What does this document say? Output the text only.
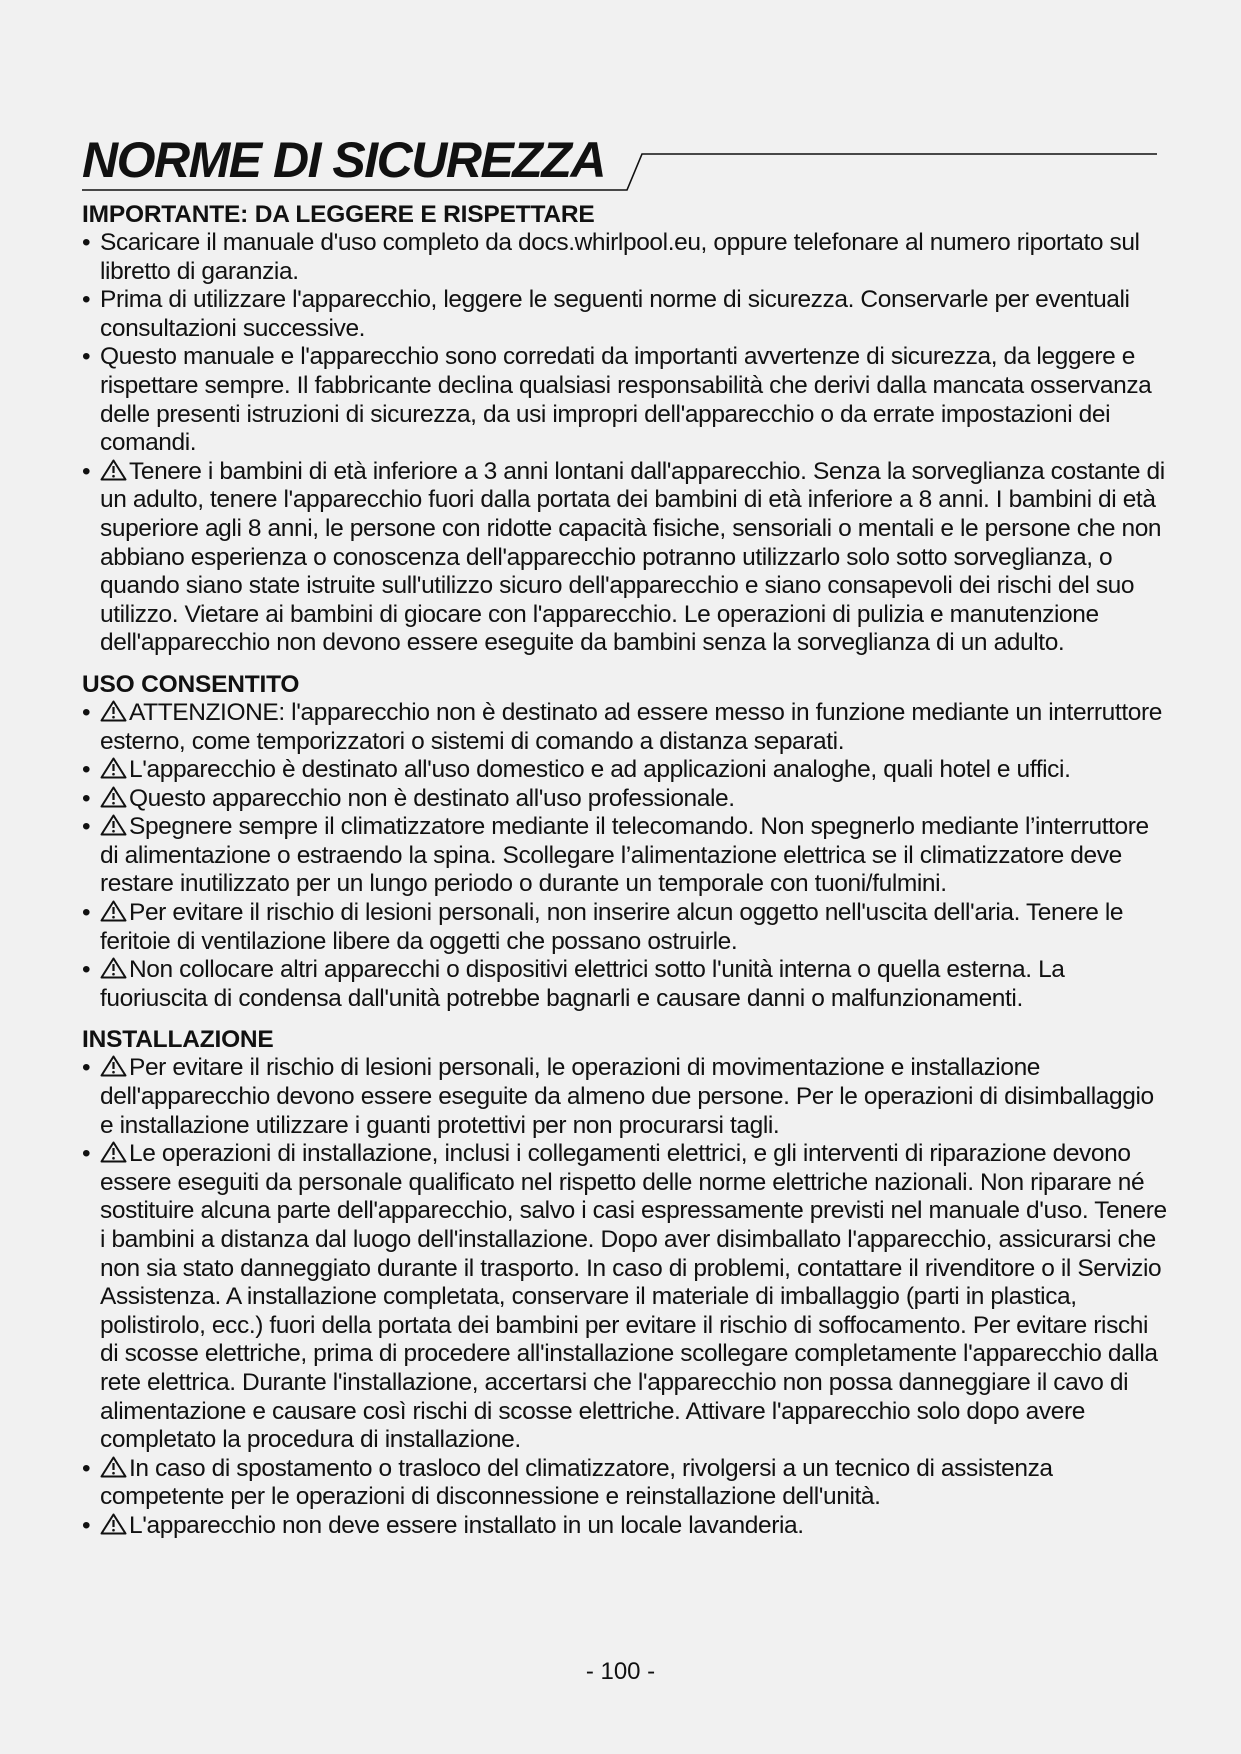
NORME DI SICUREZZA
IMPORTANTE: DA LEGGERE E RISPETTARE
• Scaricare il manuale d'uso completo da docs.whirlpool.eu, oppure telefonare al numero riportato sul libretto di garanzia.
• Prima di utilizzare l'apparecchio, leggere le seguenti norme di sicurezza. Conservarle per eventuali consultazioni successive.
• Questo manuale e l'apparecchio sono corredati da importanti avvertenze di sicurezza, da leggere e rispettare sempre. Il fabbricante declina qualsiasi responsabilità che derivi dalla mancata osservanza delle presenti istruzioni di sicurezza, da usi impropri dell'apparecchio o da errate impostazioni dei comandi.
• Tenere i bambini di età inferiore a 3 anni lontani dall'apparecchio. Senza la sorveglianza costante di un adulto, tenere l'apparecchio fuori dalla portata dei bambini di età inferiore a 8 anni. I bambini di età superiore agli 8 anni, le persone con ridotte capacità fisiche, sensoriali o mentali e le persone che non abbiano esperienza o conoscenza dell'apparecchio potranno utilizzarlo solo sotto sorveglianza, o quando siano state istruite sull'utilizzo sicuro dell'apparecchio e siano consapevoli dei rischi del suo utilizzo. Vietare ai bambini di giocare con l'apparecchio. Le operazioni di pulizia e manutenzione dell'apparecchio non devono essere eseguite da bambini senza la sorveglianza di un adulto.
USO CONSENTITO
• ATTENZIONE: l'apparecchio non è destinato ad essere messo in funzione mediante un interruttore esterno, come temporizzatori o sistemi di comando a distanza separati.
• L'apparecchio è destinato all'uso domestico e ad applicazioni analoghe, quali hotel e uffici.
• Questo apparecchio non è destinato all'uso professionale.
• Spegnere sempre il climatizzatore mediante il telecomando. Non spegnerlo mediante l’interruttore di alimentazione o estraendo la spina. Scollegare l’alimentazione elettrica se il climatizzatore deve restare inutilizzato per un lungo periodo o durante un temporale con tuoni/fulmini.
• Per evitare il rischio di lesioni personali, non inserire alcun oggetto nell'uscita dell'aria. Tenere le feritoie di ventilazione libere da oggetti che possano ostruirle.
• Non collocare altri apparecchi o dispositivi elettrici sotto l'unità interna o quella esterna. La fuoriuscita di condensa dall'unità potrebbe bagnarli e causare danni o malfunzionamenti.
INSTALLAZIONE
• Per evitare il rischio di lesioni personali, le operazioni di movimentazione e installazione dell'apparecchio devono essere eseguite da almeno due persone. Per le operazioni di disimballaggio e installazione utilizzare i guanti protettivi per non procurarsi tagli.
• Le operazioni di installazione, inclusi i collegamenti elettrici, e gli interventi di riparazione devono essere eseguiti da personale qualificato nel rispetto delle norme elettriche nazionali. Non riparare né sostituire alcuna parte dell'apparecchio, salvo i casi espressamente previsti nel manuale d'uso. Tenere i bambini a distanza dal luogo dell'installazione. Dopo aver disimballato l'apparecchio, assicurarsi che non sia stato danneggiato durante il trasporto. In caso di problemi, contattare il rivenditore o il Servizio Assistenza. A installazione completata, conservare il materiale di imballaggio (parti in plastica, polistirolo, ecc.) fuori della portata dei bambini per evitare il rischio di soffocamento. Per evitare rischi di scosse elettriche, prima di procedere all'installazione scollegare completamente l'apparecchio dalla rete elettrica. Durante l'installazione, accertarsi che l'apparecchio non possa danneggiare il cavo di alimentazione e causare così rischi di scosse elettriche. Attivare l'apparecchio solo dopo avere completato la procedura di installazione.
• In caso di spostamento o trasloco del climatizzatore, rivolgersi a un tecnico di assistenza competente per le operazioni di disconnessione e reinstallazione dell'unità.
• L'apparecchio non deve essere installato in un locale lavanderia.
- 100 -
